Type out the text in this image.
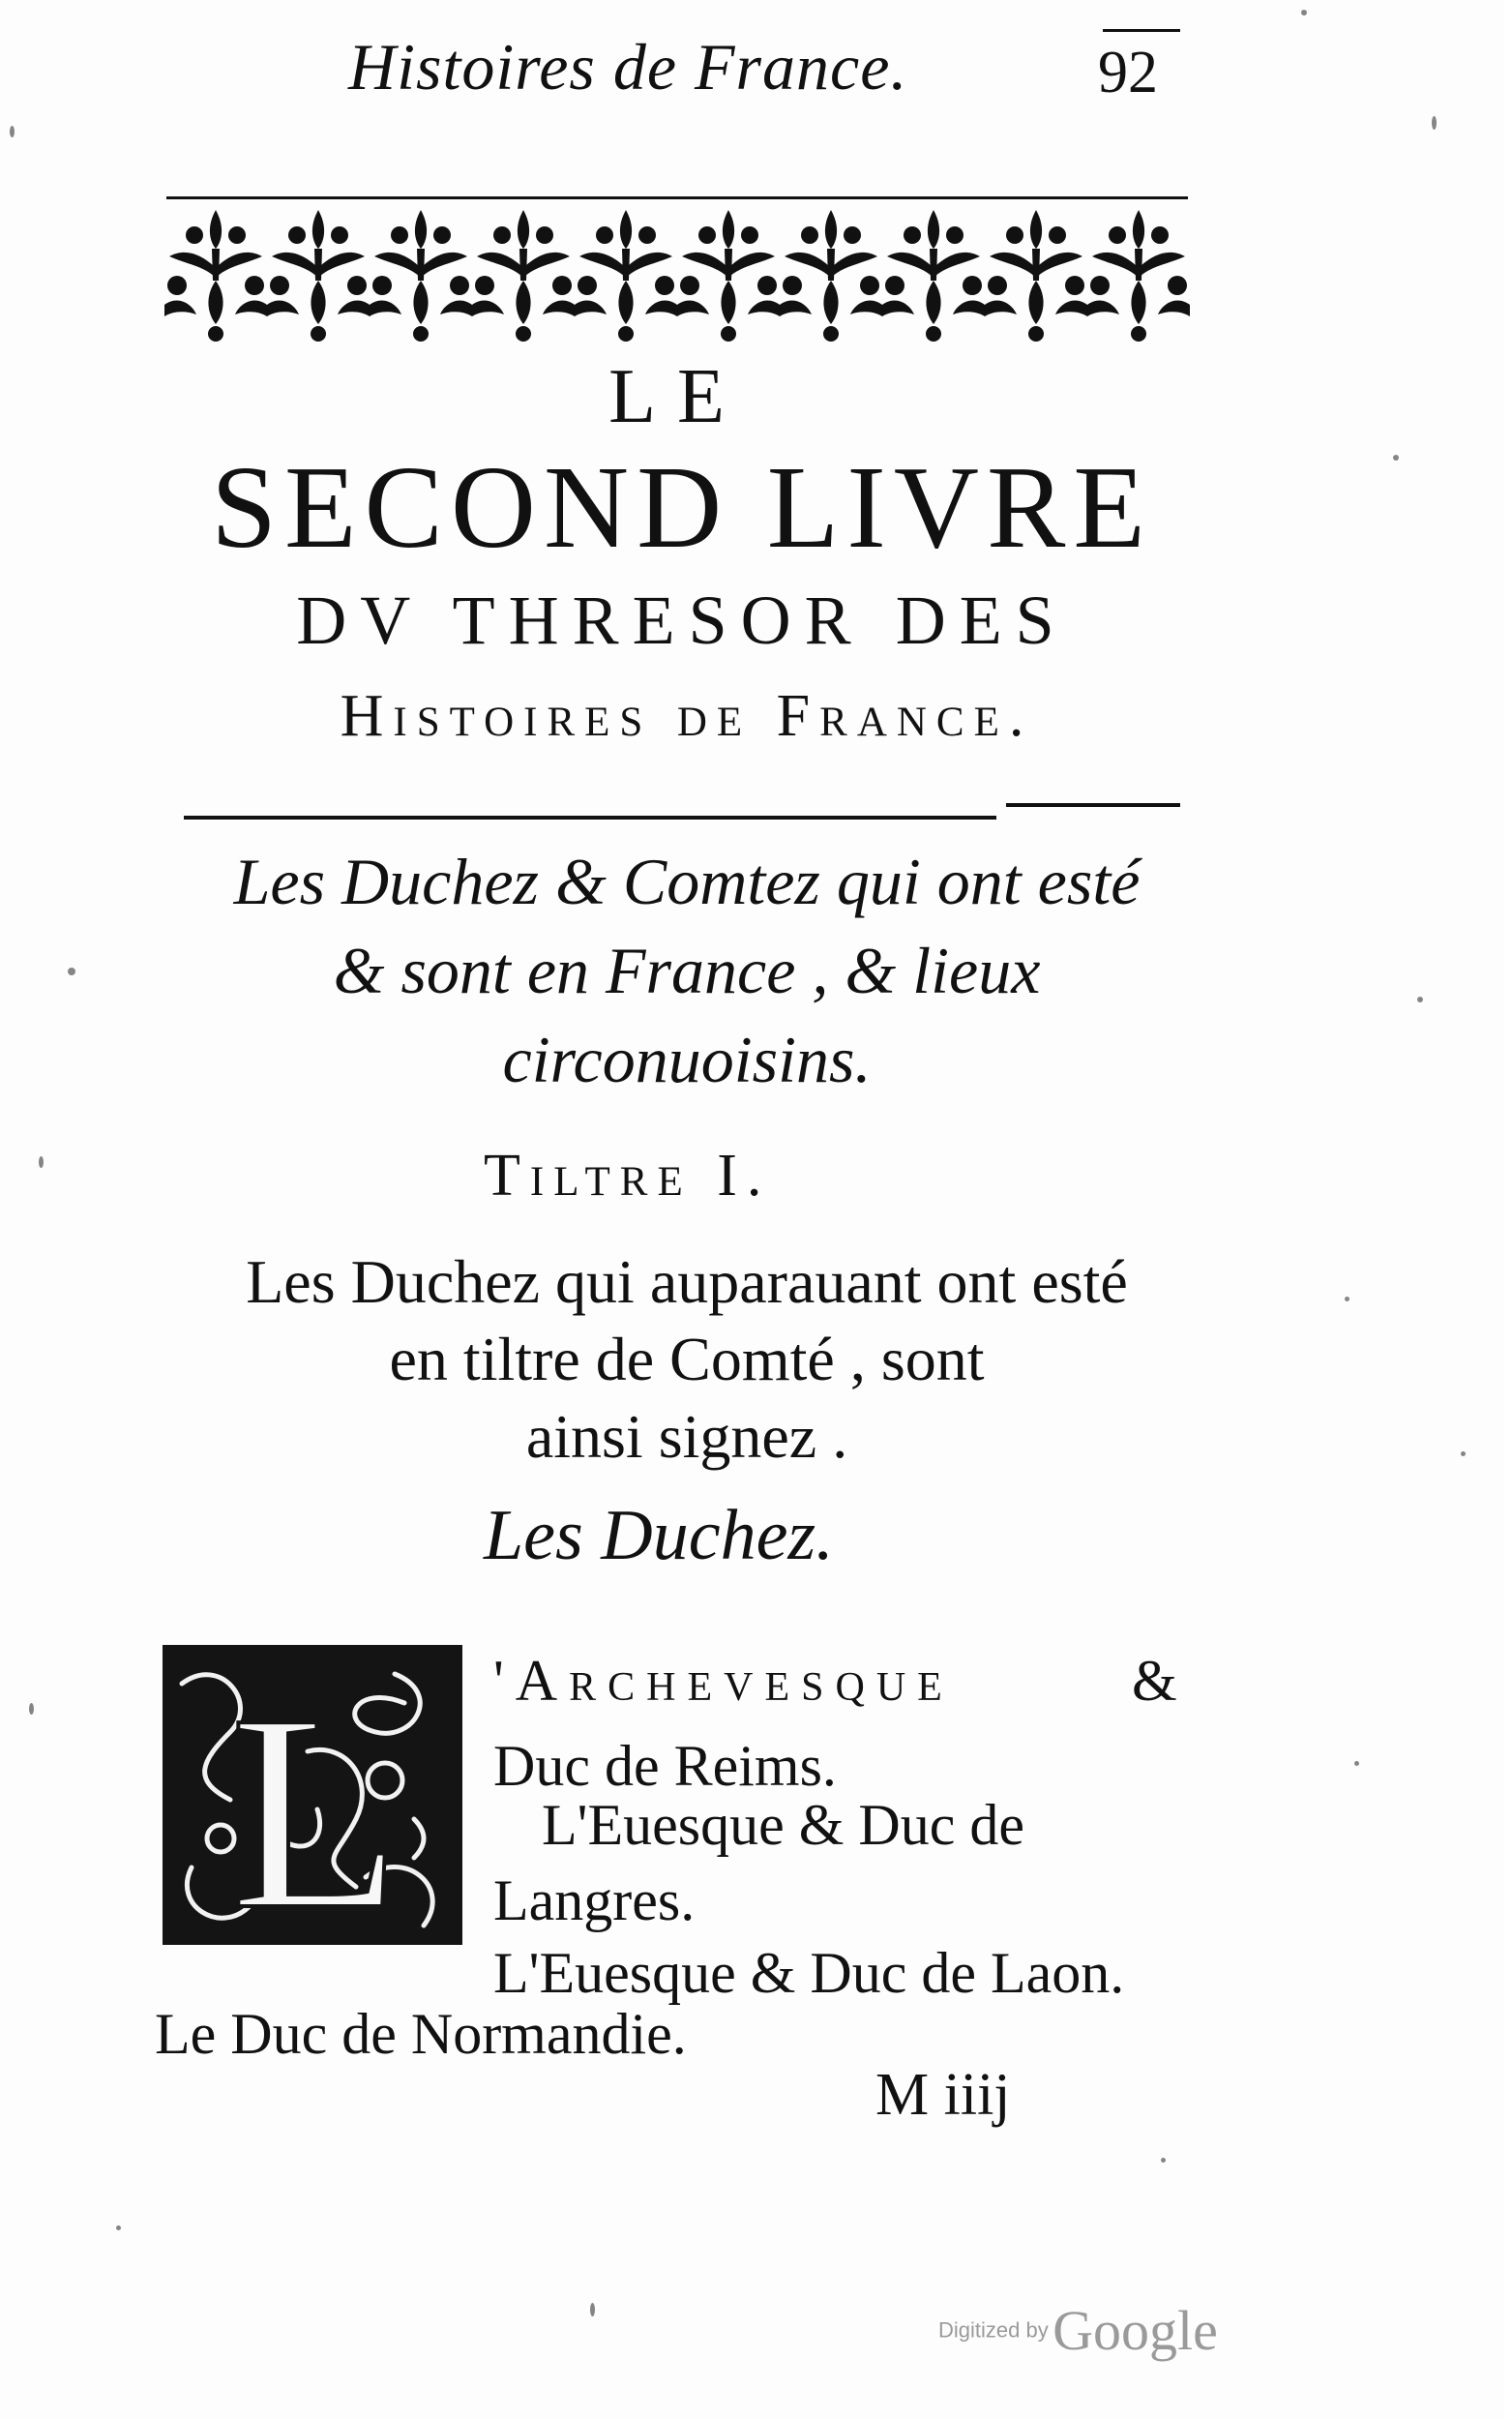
Histoires de France.	92
LE
SECOND LIVRE
DV THRESOR DES
Histoires de France.
Les Duchez & Comtez qui ont esté
& sont en France , & lieux
circonuoisins.
Tiltre I.
Les Duchez qui auparauant ont esté
en tiltre de Comté , sont
ainsi signez .
Les Duchez.
L 'Archevesque	&

Duc de Reims.
L'Euesque & Duc de
Langres.
L'Euesque & Duc de Laon.
Le Duc de Normandie.
M iiij
Digitized by Google
